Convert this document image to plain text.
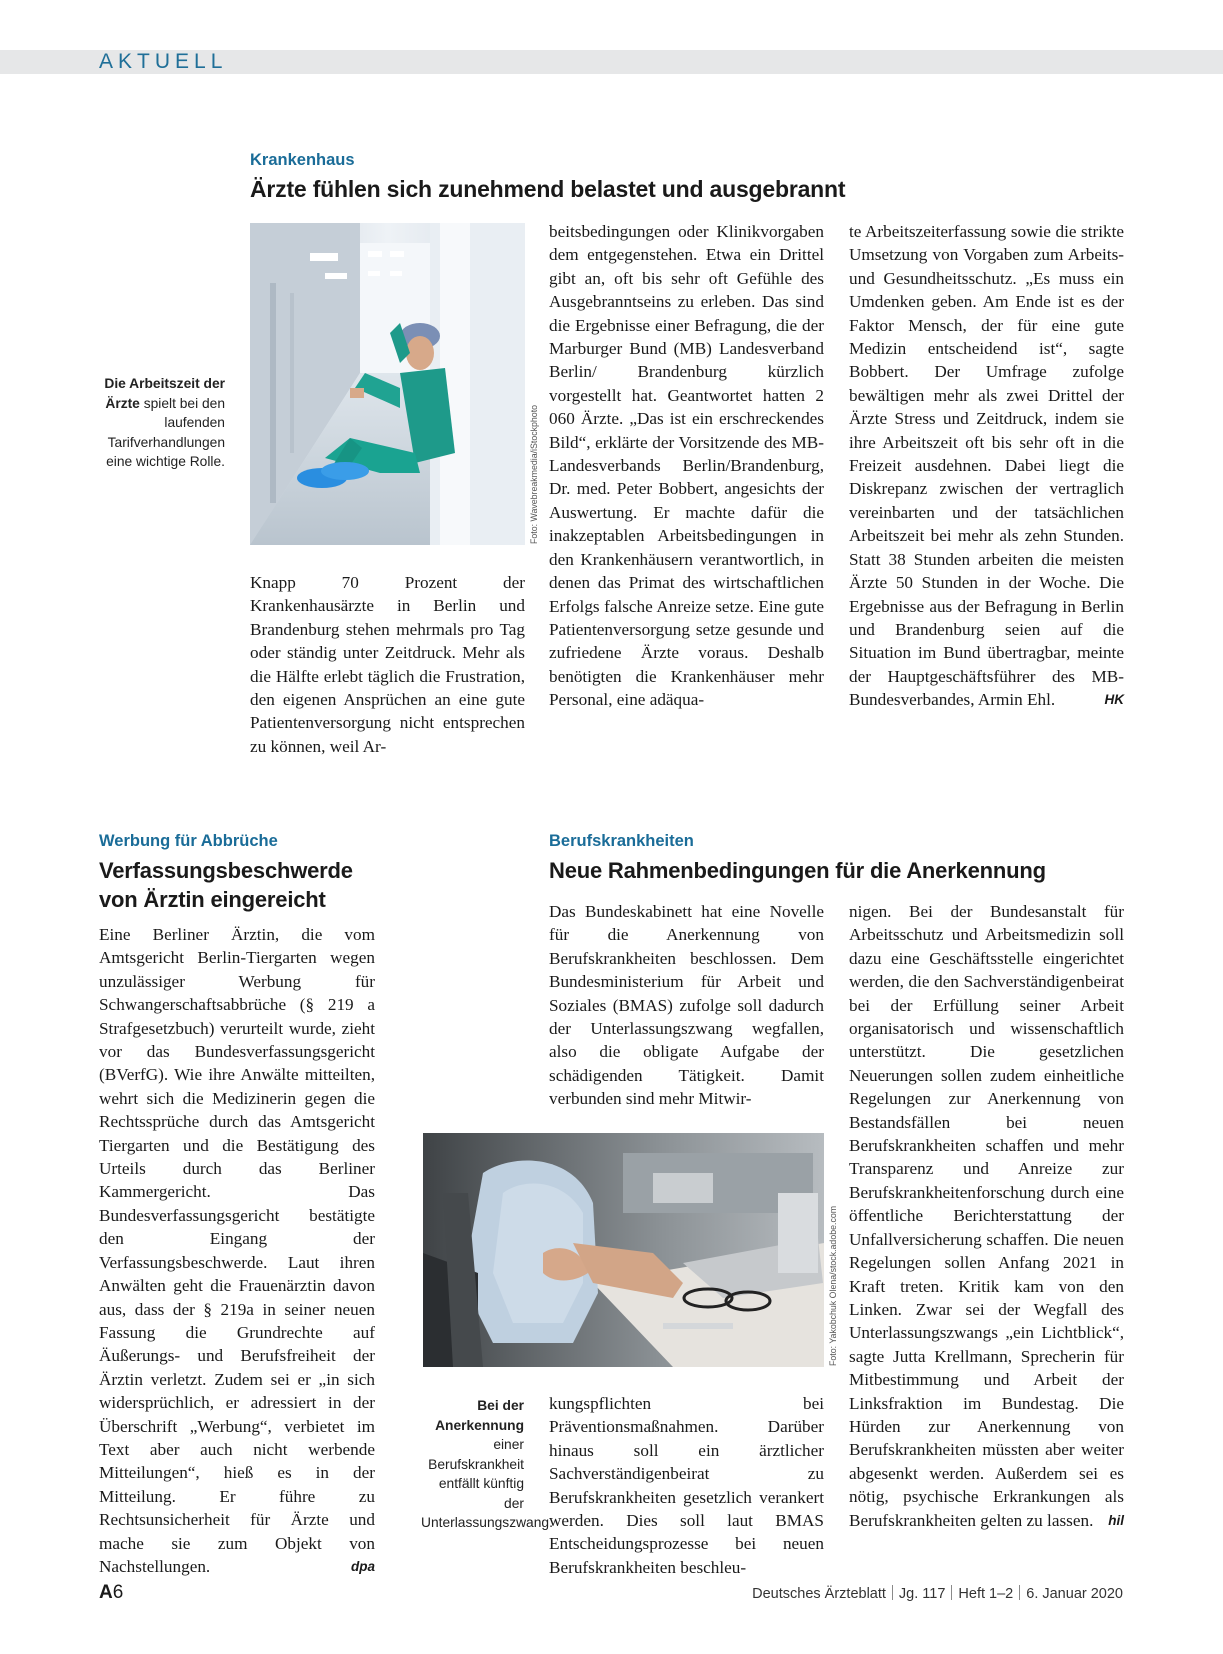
AKTUELL
Krankenhaus
Ärzte fühlen sich zunehmend belastet und ausgebrannt
Die Arbeitszeit der Ärzte spielt bei den laufenden Tarifverhandlungen eine wichtige Rolle.	Foto: Wavebreakmedia/iStockphoto

Knapp 70 Prozent der Krankenhausärzte in Berlin und Brandenburg stehen mehrmals pro Tag oder ständig unter Zeitdruck. Mehr als die Hälfte erlebt täglich die Frustration, den eigenen Ansprüchen an eine gute Patientenversorgung nicht entsprechen zu können, weil Ar-

beitsbedingungen oder Klinikvorgaben dem entgegenstehen. Etwa ein Drittel gibt an, oft bis sehr oft Gefühle des Ausgebranntseins zu erleben. Das sind die Ergebnisse einer Befragung, die der Marburger Bund (MB) Landesverband Berlin/ Brandenburg kürzlich vorgestellt hat. Geantwortet hatten 2 060 Ärzte. „Das ist ein erschreckendes Bild“, erklärte der Vorsitzende des MB-Landesverbands Berlin/Brandenburg, Dr. med. Peter Bobbert, angesichts der Auswertung. Er machte dafür die inakzeptablen Arbeitsbedingungen in den Krankenhäusern verantwortlich, in denen das Primat des wirtschaftlichen Erfolgs falsche Anreize setze. Eine gute Patientenversorgung setze gesunde und zufriedene Ärzte voraus. Deshalb benötigten die Krankenhäuser mehr Personal, eine adäqua-

te Arbeitszeiterfassung sowie die strikte Umsetzung von Vorgaben zum Arbeits- und Gesundheitsschutz. „Es muss ein Umdenken geben. Am Ende ist es der Faktor Mensch, der für eine gute Medizin entscheidend ist“, sagte Bobbert. Der Umfrage zufolge bewältigen mehr als zwei Drittel der Ärzte Stress und Zeitdruck, indem sie ihre Arbeitszeit oft bis sehr oft in die Freizeit ausdehnen. Dabei liegt die Diskrepanz zwischen der vertraglich vereinbarten und der tatsächlichen Arbeitszeit bei mehr als zehn Stunden. Statt 38 Stunden arbeiten die meisten Ärzte 50 Stunden in der Woche. Die Ergebnisse aus der Befragung in Berlin und Brandenburg seien auf die Situation im Bund übertragbar, meinte der Hauptgeschäftsführer des MB-Bundesverbandes, Armin Ehl.	HK

Werbung für Abbrüche
Verfassungsbeschwerde
von Ärztin eingereicht

Eine Berliner Ärztin, die vom Amtsgericht Berlin-Tiergarten wegen unzulässiger Werbung für Schwangerschaftsabbrüche (§ 219 a Strafgesetzbuch) verurteilt wurde, zieht vor das Bundesverfassungsgericht (BVerfG). Wie ihre Anwälte mitteilten, wehrt sich die Medizinerin gegen die Rechtssprüche durch das Amtsgericht Tiergarten und die Bestätigung des Urteils durch das Berliner Kammergericht. Das Bundesverfassungsgericht bestätigte den Eingang der Verfassungsbeschwerde. Laut ihren Anwälten geht die Frauenärztin davon aus, dass der § 219a in seiner neuen Fassung die Grundrechte auf Äußerungs- und Berufsfreiheit der Ärztin verletzt. Zudem sei er „in sich widersprüchlich, er adressiert in der Überschrift „Werbung“, verbietet im Text aber auch nicht werbende Mitteilungen“, hieß es in der Mitteilung. Er führe zu Rechtsunsicherheit für Ärzte und mache sie zum Objekt von Nachstellungen.	dpa

Berufskrankheiten
Neue Rahmenbedingungen für die Anerkennung

Das Bundeskabinett hat eine Novelle für die Anerkennung von Berufskrankheiten beschlossen. Dem Bundesministerium für Arbeit und Soziales (BMAS) zufolge soll dadurch der Unterlassungszwang wegfallen, also die obligate Aufgabe der schädigenden Tätigkeit. Damit verbunden sind mehr Mitwir-

Foto: Yakobchuk Olena/stock.adobe.com
Bei der Anerkennung einer Berufskrankheit entfällt künftig der Unterlassungszwang.

kungspflichten bei Präventionsmaßnahmen. Darüber hinaus soll ein ärztlicher Sachverständigenbeirat zu Berufskrankheiten gesetzlich verankert werden. Dies soll laut BMAS Entscheidungsprozesse bei neuen Berufskrankheiten beschleu-

nigen. Bei der Bundesanstalt für Arbeitsschutz und Arbeitsmedizin soll dazu eine Geschäftsstelle eingerichtet werden, die den Sachverständigenbeirat bei der Erfüllung seiner Arbeit organisatorisch und wissenschaftlich unterstützt. Die gesetzlichen Neuerungen sollen zudem einheitliche Regelungen zur Anerkennung von Bestandsfällen bei neuen Berufskrankheiten schaffen und mehr Transparenz und Anreize zur Berufskrankheitenforschung durch eine öffentliche Berichterstattung der Unfallversicherung schaffen. Die neuen Regelungen sollen Anfang 2021 in Kraft treten. Kritik kam von den Linken. Zwar sei der Wegfall des Unterlassungszwangs „ein Lichtblick“, sagte Jutta Krellmann, Sprecherin für Mitbestimmung und Arbeit der Linksfraktion im Bundestag. Die Hürden zur Anerkennung von Berufskrankheiten müssten aber weiter abgesenkt werden. Außerdem sei es nötig, psychische Erkrankungen als Berufskrankheiten gelten zu lassen. hil

A6	Deutsches Ärzteblatt Jg. 117 Heft 1–2 6. Januar 2020
